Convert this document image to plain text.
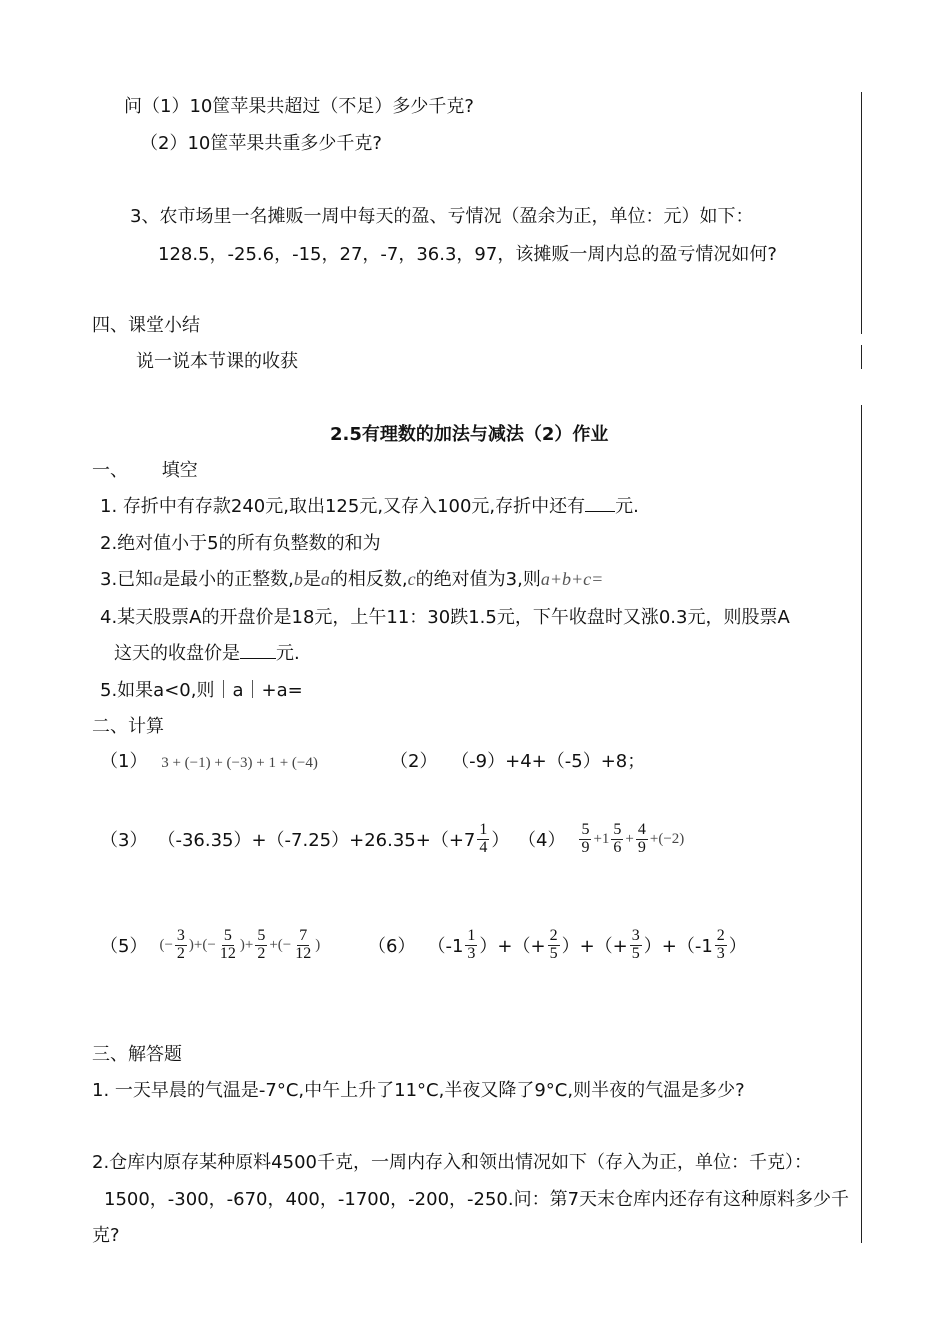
问（1）10筐苹果共超过（不足）多少千克?
（2）10筐苹果共重多少千克?
3、农市场里一名摊贩一周中每天的盈、亏情况（盈余为正，单位：元）如下：
128.5，-25.6，-15，27，-7，36.3，97，该摊贩一周内总的盈亏情况如何?
四、课堂小结
说一说本节课的收获
2.5有理数的加法与减法（2）作业
一、 填空
1. 存折中有存款240元,取出125元,又存入100元,存折中还有 元.
2.绝对值小于5的所有负整数的和为
3.已知a是最小的正整数,b是a的相反数,c的绝对值为3,则a+b+c=
4.某天股票A的开盘价是18元，上午11：30跌1.5元，下午收盘时又涨0.3元，则股票A
这天的收盘价是 元.
5.如果a<0,则｜a｜+a=
二、计算
（1） 3 + (−1) + (−3) + 1 + (−4)	（2） （-9）+4+（-5）+8；
（3） $(-36.35)+(-7.25)+26.35+(+7 \frac{1}{4}$ ） $(4) \frac{5}{9} +1 \frac{5}{6} + \frac{4}{9} +(-2)$
（5） (− $\frac{3}{2}$ )+(− $\frac{5}{12}$ )+ $\frac{5}{2}$ +(− $\frac{7}{12}$ )	（6） （$-1 \frac{1}{3}$ ）+（+ $\frac{2}{5}$ ）+（+ $\frac{3}{5} )+(-1 \frac{2}{3}$ ）
三、解答题
1. 一天早晨的气温是-7°C,中午上升了11°C,半夜又降了9°C,则半夜的气温是多少?
2.仓库内原存某种原料4500千克，一周内存入和领出情况如下（存入为正，单位：千克）：
1500，-300，-670，400，-1700，-200，-250.问：第7天末仓库内还存有这种原料多少千
克?
